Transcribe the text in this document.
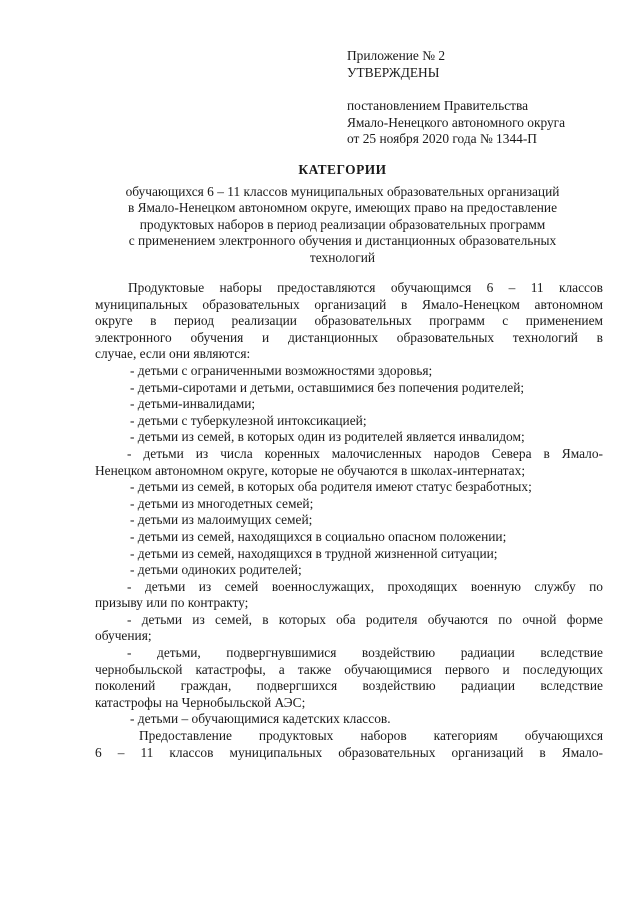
Приложение № 2
УТВЕРЖДЕНЫ
постановлением Правительства
Ямало-Ненецкого автономного округа
от 25 ноября 2020 года № 1344-П
КАТЕГОРИИ
обучающихся 6 – 11 классов муниципальных образовательных организаций
в Ямало-Ненецком автономном округе, имеющих право на предоставление
продуктовых наборов в период реализации образовательных программ
с применением электронного обучения и дистанционных образовательных
технологий
Продуктовые наборы предоставляются обучающимся 6 – 11 классов
муниципальных образовательных организаций в Ямало-Ненецком автономном
округе в период реализации образовательных программ с применением
электронного обучения и дистанционных образовательных технологий в
случае, если они являются:
- детьми с ограниченными возможностями здоровья;
- детьми-сиротами и детьми, оставшимися без попечения родителей;
- детьми-инвалидами;
- детьми с туберкулезной интоксикацией;
- детьми из семей, в которых один из родителей является инвалидом;
- детьми из числа коренных малочисленных народов Севера в Ямало-
Ненецком автономном округе, которые не обучаются в школах-интернатах;
- детьми из семей, в которых оба родителя имеют статус безработных;
- детьми из многодетных семей;
- детьми из малоимущих семей;
- детьми из семей, находящихся в социально опасном положении;
- детьми из семей, находящихся в трудной жизненной ситуации;
- детьми одиноких родителей;
- детьми из семей военнослужащих, проходящих военную службу по
призыву или по контракту;
- детьми из семей, в которых оба родителя обучаются по очной форме
обучения;
- детьми, подвергнувшимися воздействию радиации вследствие
чернобыльской катастрофы, а также обучающимися первого и последующих
поколений граждан, подвергшихся воздействию радиации вследствие
катастрофы на Чернобыльской АЭС;
- детьми – обучающимися кадетских классов.
Предоставление продуктовых наборов категориям обучающихся
6 – 11 классов муниципальных образовательных организаций в Ямало-
